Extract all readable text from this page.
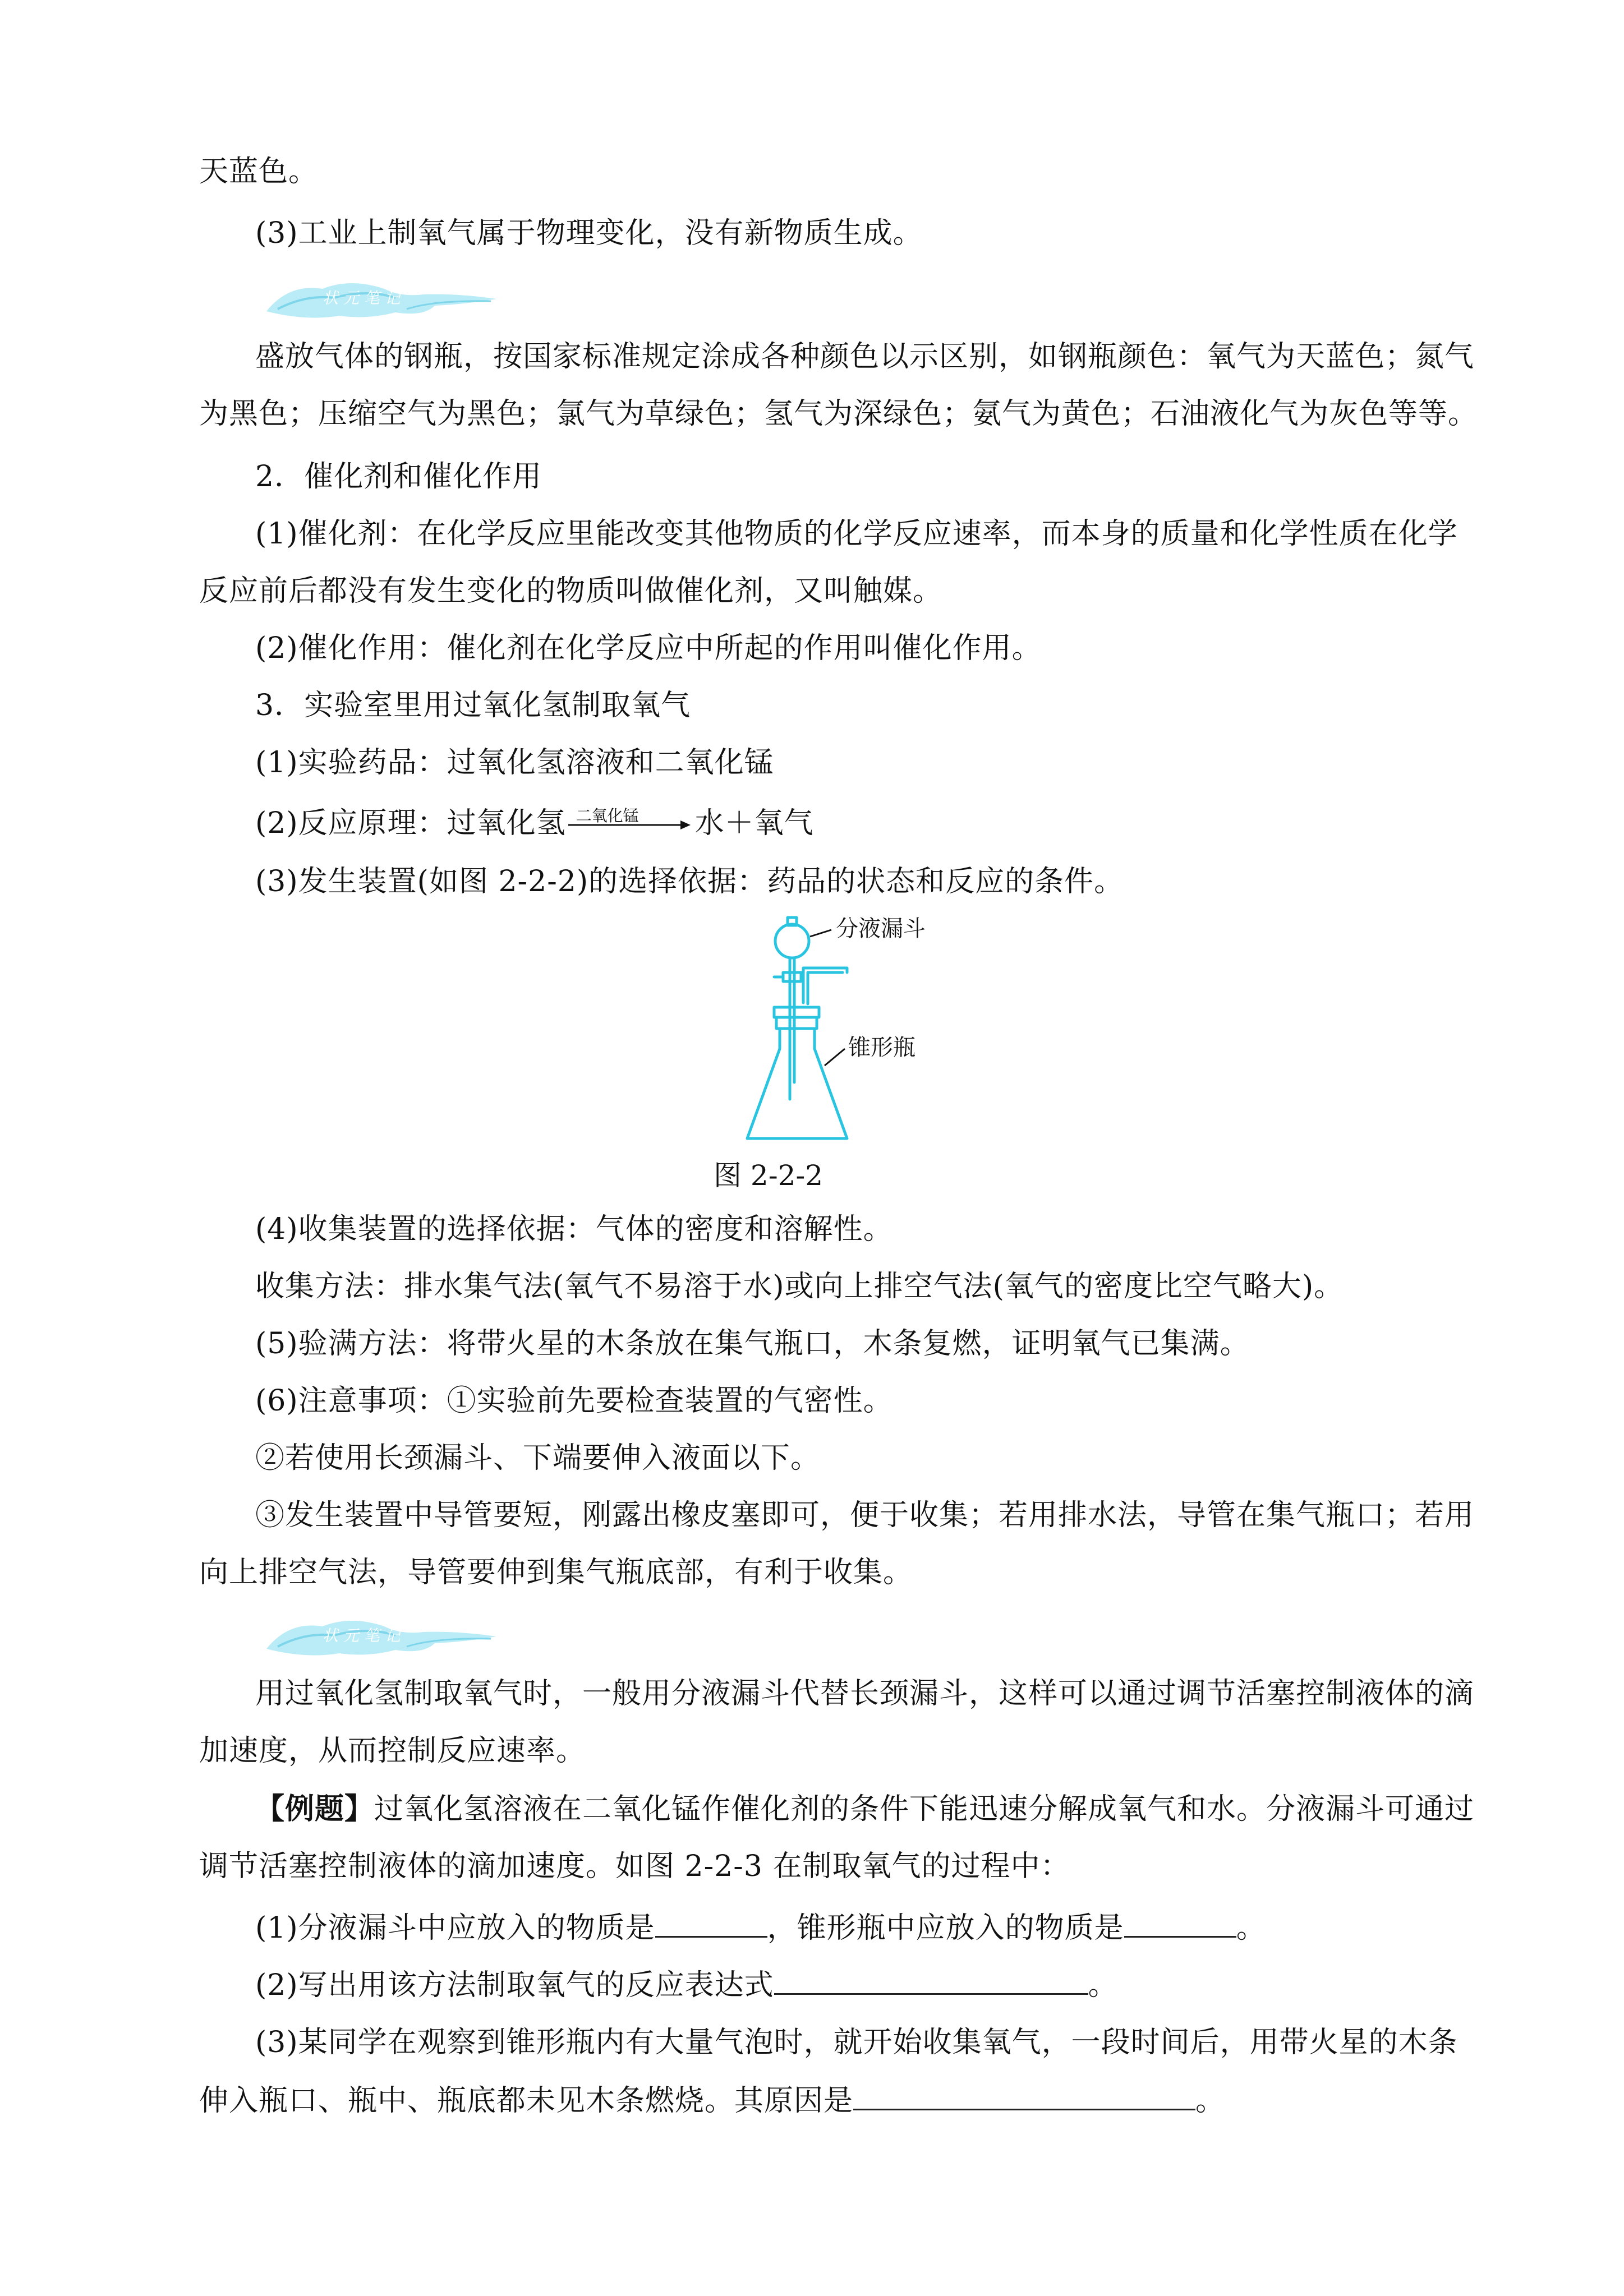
天蓝色。
(3)工业上制氧气属于物理变化，没有新物质生成。
状 元 笔 记
盛放气体的钢瓶，按国家标准规定涂成各种颜色以示区别，如钢瓶颜色：氧气为天蓝色；氮气
为黑色；压缩空气为黑色；氯气为草绿色；氢气为深绿色；氨气为黄色；石油液化气为灰色等等。
2．催化剂和催化作用
(1)催化剂：在化学反应里能改变其他物质的化学反应速率，而本身的质量和化学性质在化学
反应前后都没有发生变化的物质叫做催化剂，又叫触媒。
(2)催化作用：催化剂在化学反应中所起的作用叫催化作用。
3．实验室里用过氧化氢制取氧气
(1)实验药品：过氧化氢溶液和二氧化锰
(2)反应原理：过氧化氢 二氧化锰 水＋氧气
(3)发生装置(如图 2-2-2)的选择依据：药品的状态和反应的条件。
分液漏斗
锥形瓶
图 2-2-2
(4)收集装置的选择依据：气体的密度和溶解性。
收集方法：排水集气法(氧气不易溶于水)或向上排空气法(氧气的密度比空气略大)。
(5)验满方法：将带火星的木条放在集气瓶口，木条复燃，证明氧气已集满。
(6)注意事项：①实验前先要检查装置的气密性。
②若使用长颈漏斗、下端要伸入液面以下。
③发生装置中导管要短，刚露出橡皮塞即可，便于收集；若用排水法，导管在集气瓶口；若用
向上排空气法，导管要伸到集气瓶底部，有利于收集。
状 元 笔 记
用过氧化氢制取氧气时，一般用分液漏斗代替长颈漏斗，这样可以通过调节活塞控制液体的滴
加速度，从而控制反应速率。
【例题】过氧化氢溶液在二氧化锰作催化剂的条件下能迅速分解成氧气和水。分液漏斗可通过
调节活塞控制液体的滴加速度。如图 2-2-3 在制取氧气的过程中：
(1)分液漏斗中应放入的物质是	，锥形瓶中应放入的物质是	。
(2)写出用该方法制取氧气的反应表达式	。
(3)某同学在观察到锥形瓶内有大量气泡时，就开始收集氧气，一段时间后，用带火星的木条
伸入瓶口、瓶中、瓶底都未见木条燃烧。其原因是	。
